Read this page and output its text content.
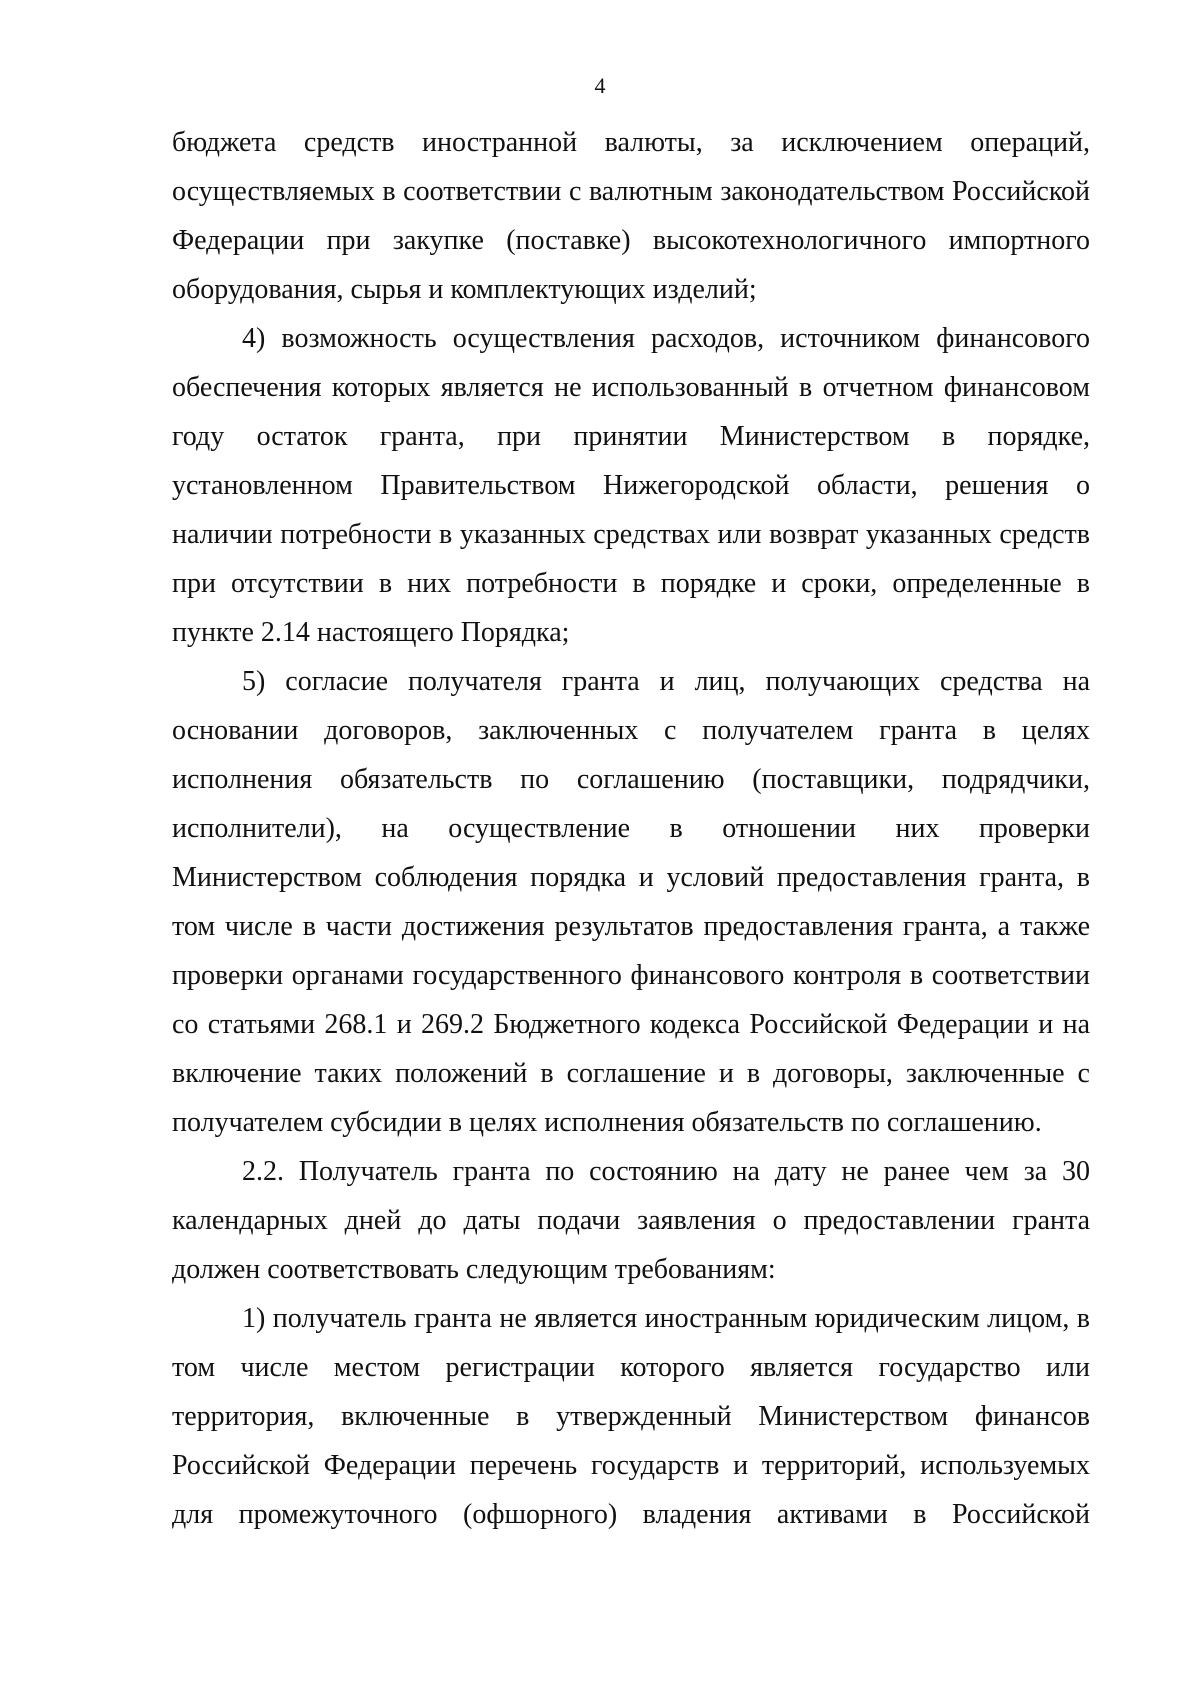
4

бюджета средств иностранной валюты, за исключением операций, осуществляемых в соответствии с валютным законодательством Российской Федерации при закупке (поставке) высокотехнологичного импортного оборудования, сырья и комплектующих изделий;

4) возможность осуществления расходов, источником финансового обеспечения которых является не использованный в отчетном финансовом году остаток гранта, при принятии Министерством в порядке, установленном Правительством Нижегородской области, решения о наличии потребности в указанных средствах или возврат указанных средств при отсутствии в них потребности в порядке и сроки, определенные в пункте 2.14 настоящего Порядка;

5) согласие получателя гранта и лиц, получающих средства на основании договоров, заключенных с получателем гранта в целях исполнения обязательств по соглашению (поставщики, подрядчики, исполнители), на осуществление в отношении них проверки Министерством соблюдения порядка и условий предоставления гранта, в том числе в части достижения результатов предоставления гранта, а также проверки органами государственного финансового контроля в соответствии со статьями 268.1 и 269.2 Бюджетного кодекса Российской Федерации и на включение таких положений в соглашение и в договоры, заключенные с получателем субсидии в целях исполнения обязательств по соглашению.

2.2. Получатель гранта по состоянию на дату не ранее чем за 30 календарных дней до даты подачи заявления о предоставлении гранта должен соответствовать следующим требованиям:

1) получатель гранта не является иностранным юридическим лицом, в том числе местом регистрации которого является государство или территория, включенные в утвержденный Министерством финансов Российской Федерации перечень государств и территорий, используемых для промежуточного (офшорного) владения активами в Российской
